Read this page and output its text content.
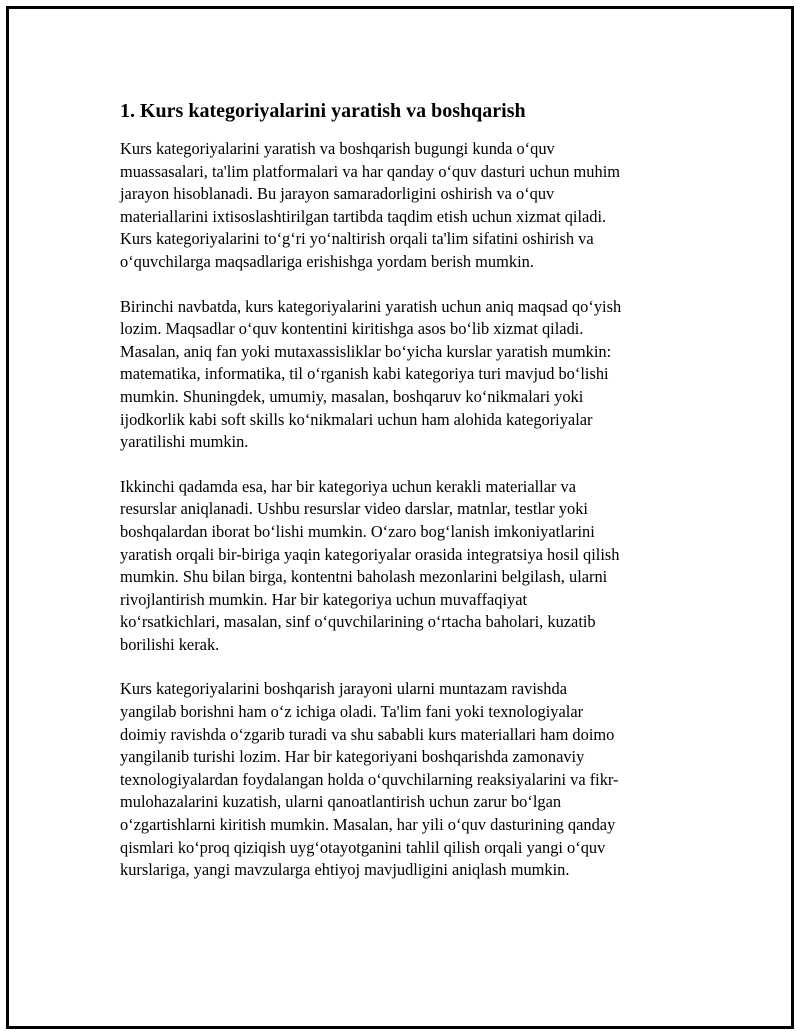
1. Kurs kategoriyalarini yaratish va boshqarish
Kurs kategoriyalarini yaratish va boshqarish bugungi kunda o‘quv
muassasalari, ta'lim platformalari va har qanday o‘quv dasturi uchun muhim
jarayon hisoblanadi. Bu jarayon samaradorligini oshirish va o‘quv
materiallarini ixtisoslashtirilgan tartibda taqdim etish uchun xizmat qiladi.
Kurs kategoriyalarini to‘g‘ri yo‘naltirish orqali ta'lim sifatini oshirish va
o‘quvchilarga maqsadlariga erishishga yordam berish mumkin.
Birinchi navbatda, kurs kategoriyalarini yaratish uchun aniq maqsad qo‘yish
lozim. Maqsadlar o‘quv kontentini kiritishga asos bo‘lib xizmat qiladi.
Masalan, aniq fan yoki mutaxassisliklar bo‘yicha kurslar yaratish mumkin:
matematika, informatika, til o‘rganish kabi kategoriya turi mavjud bo‘lishi
mumkin. Shuningdek, umumiy, masalan, boshqaruv ko‘nikmalari yoki
ijodkorlik kabi soft skills ko‘nikmalari uchun ham alohida kategoriyalar
yaratilishi mumkin.
Ikkinchi qadamda esa, har bir kategoriya uchun kerakli materiallar va
resurslar aniqlanadi. Ushbu resurslar video darslar, matnlar, testlar yoki
boshqalardan iborat bo‘lishi mumkin. O‘zaro bog‘lanish imkoniyatlarini
yaratish orqali bir-biriga yaqin kategoriyalar orasida integratsiya hosil qilish
mumkin. Shu bilan birga, kontentni baholash mezonlarini belgilash, ularni
rivojlantirish mumkin. Har bir kategoriya uchun muvaffaqiyat
ko‘rsatkichlari, masalan, sinf o‘quvchilarining o‘rtacha baholari, kuzatib
borilishi kerak.
Kurs kategoriyalarini boshqarish jarayoni ularni muntazam ravishda
yangilab borishni ham o‘z ichiga oladi. Ta'lim fani yoki texnologiyalar
doimiy ravishda o‘zgarib turadi va shu sababli kurs materiallari ham doimo
yangilanib turishi lozim. Har bir kategoriyani boshqarishda zamonaviy
texnologiyalardan foydalangan holda o‘quvchilarning reaksiyalarini va fikr-
mulohazalarini kuzatish, ularni qanoatlantirish uchun zarur bo‘lgan
o‘zgartishlarni kiritish mumkin. Masalan, har yili o‘quv dasturining qanday
qismlari ko‘proq qiziqish uyg‘otayotganini tahlil qilish orqali yangi o‘quv
kurslariga, yangi mavzularga ehtiyoj mavjudligini aniqlash mumkin.
